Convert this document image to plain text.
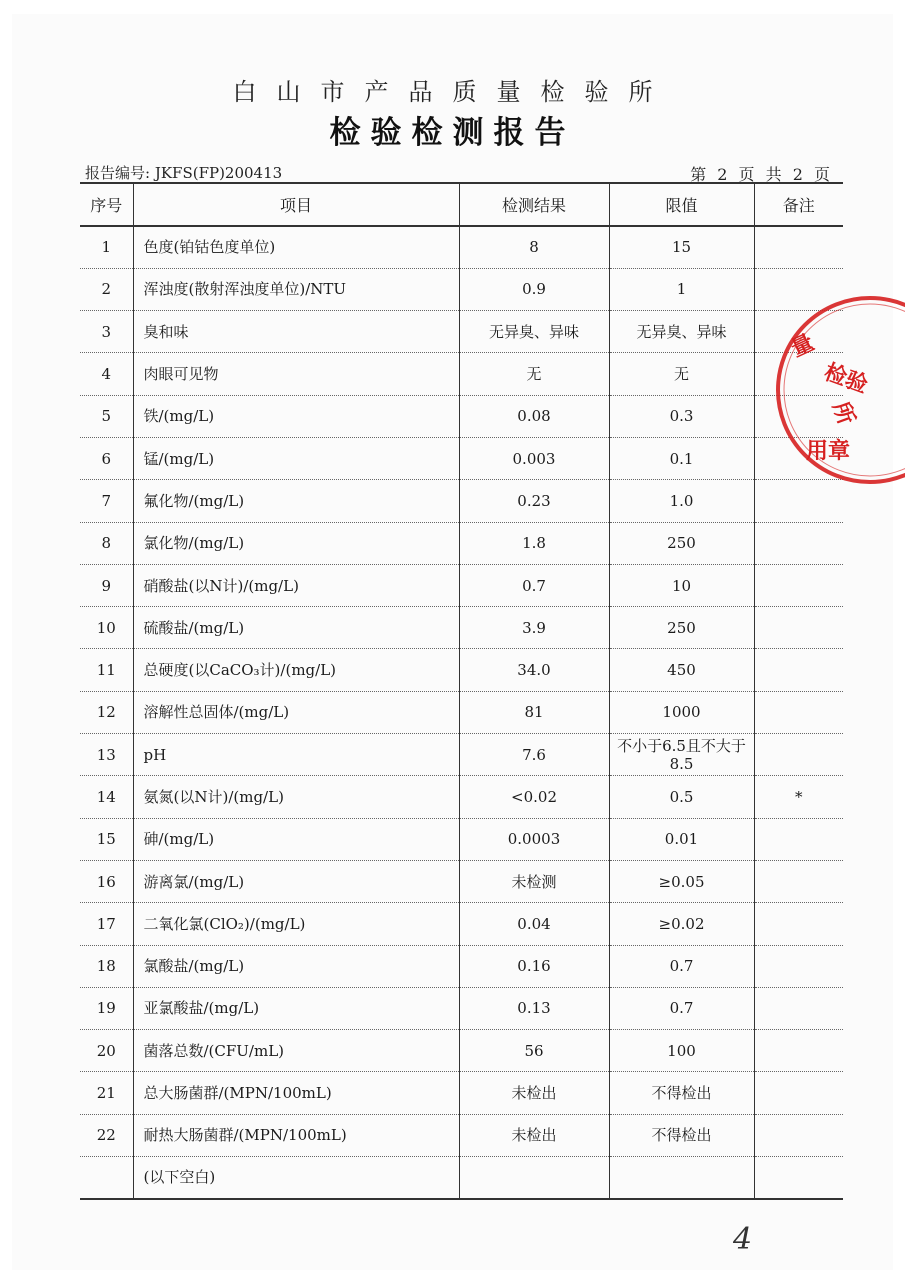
白山市产品质量检验所
检验检测报告
报告编号: JKFS(FP)200413	第 2 页 共 2 页
序号	项目	检测结果	限值	备注
1	色度(铂钴色度单位)	8	15	
2	浑浊度(散射浑浊度单位)/NTU	0.9	1	
3	臭和味	无异臭、异味	无异臭、异味	
4	肉眼可见物	无	无	
5	铁/(mg/L)	0.08	0.3	
6	锰/(mg/L)	0.003	0.1	
7	氟化物/(mg/L)	0.23	1.0	
8	氯化物/(mg/L)	1.8	250	
9	硝酸盐(以N计)/(mg/L)	0.7	10	
10	硫酸盐/(mg/L)	3.9	250	
11	总硬度(以CaCO₃计)/(mg/L)	34.0	450	
12	溶解性总固体/(mg/L)	81	1000	
13	pH	7.6	不小于6.5且不大于8.5	
14	氨氮(以N计)/(mg/L)	<0.02	0.5	*
15	砷/(mg/L)	0.0003	0.01	
16	游离氯/(mg/L)	未检测	≥0.05	
17	二氧化氯(ClO₂)/(mg/L)	0.04	≥0.02	
18	氯酸盐/(mg/L)	0.16	0.7	
19	亚氯酸盐/(mg/L)	0.13	0.7	
20	菌落总数/(CFU/mL)	56	100	
21	总大肠菌群/(MPN/100mL)	未检出	不得检出	
22	耐热大肠菌群/(MPN/100mL)	未检出	不得检出	
	(以下空白)			
量
检验
所
用章
4
